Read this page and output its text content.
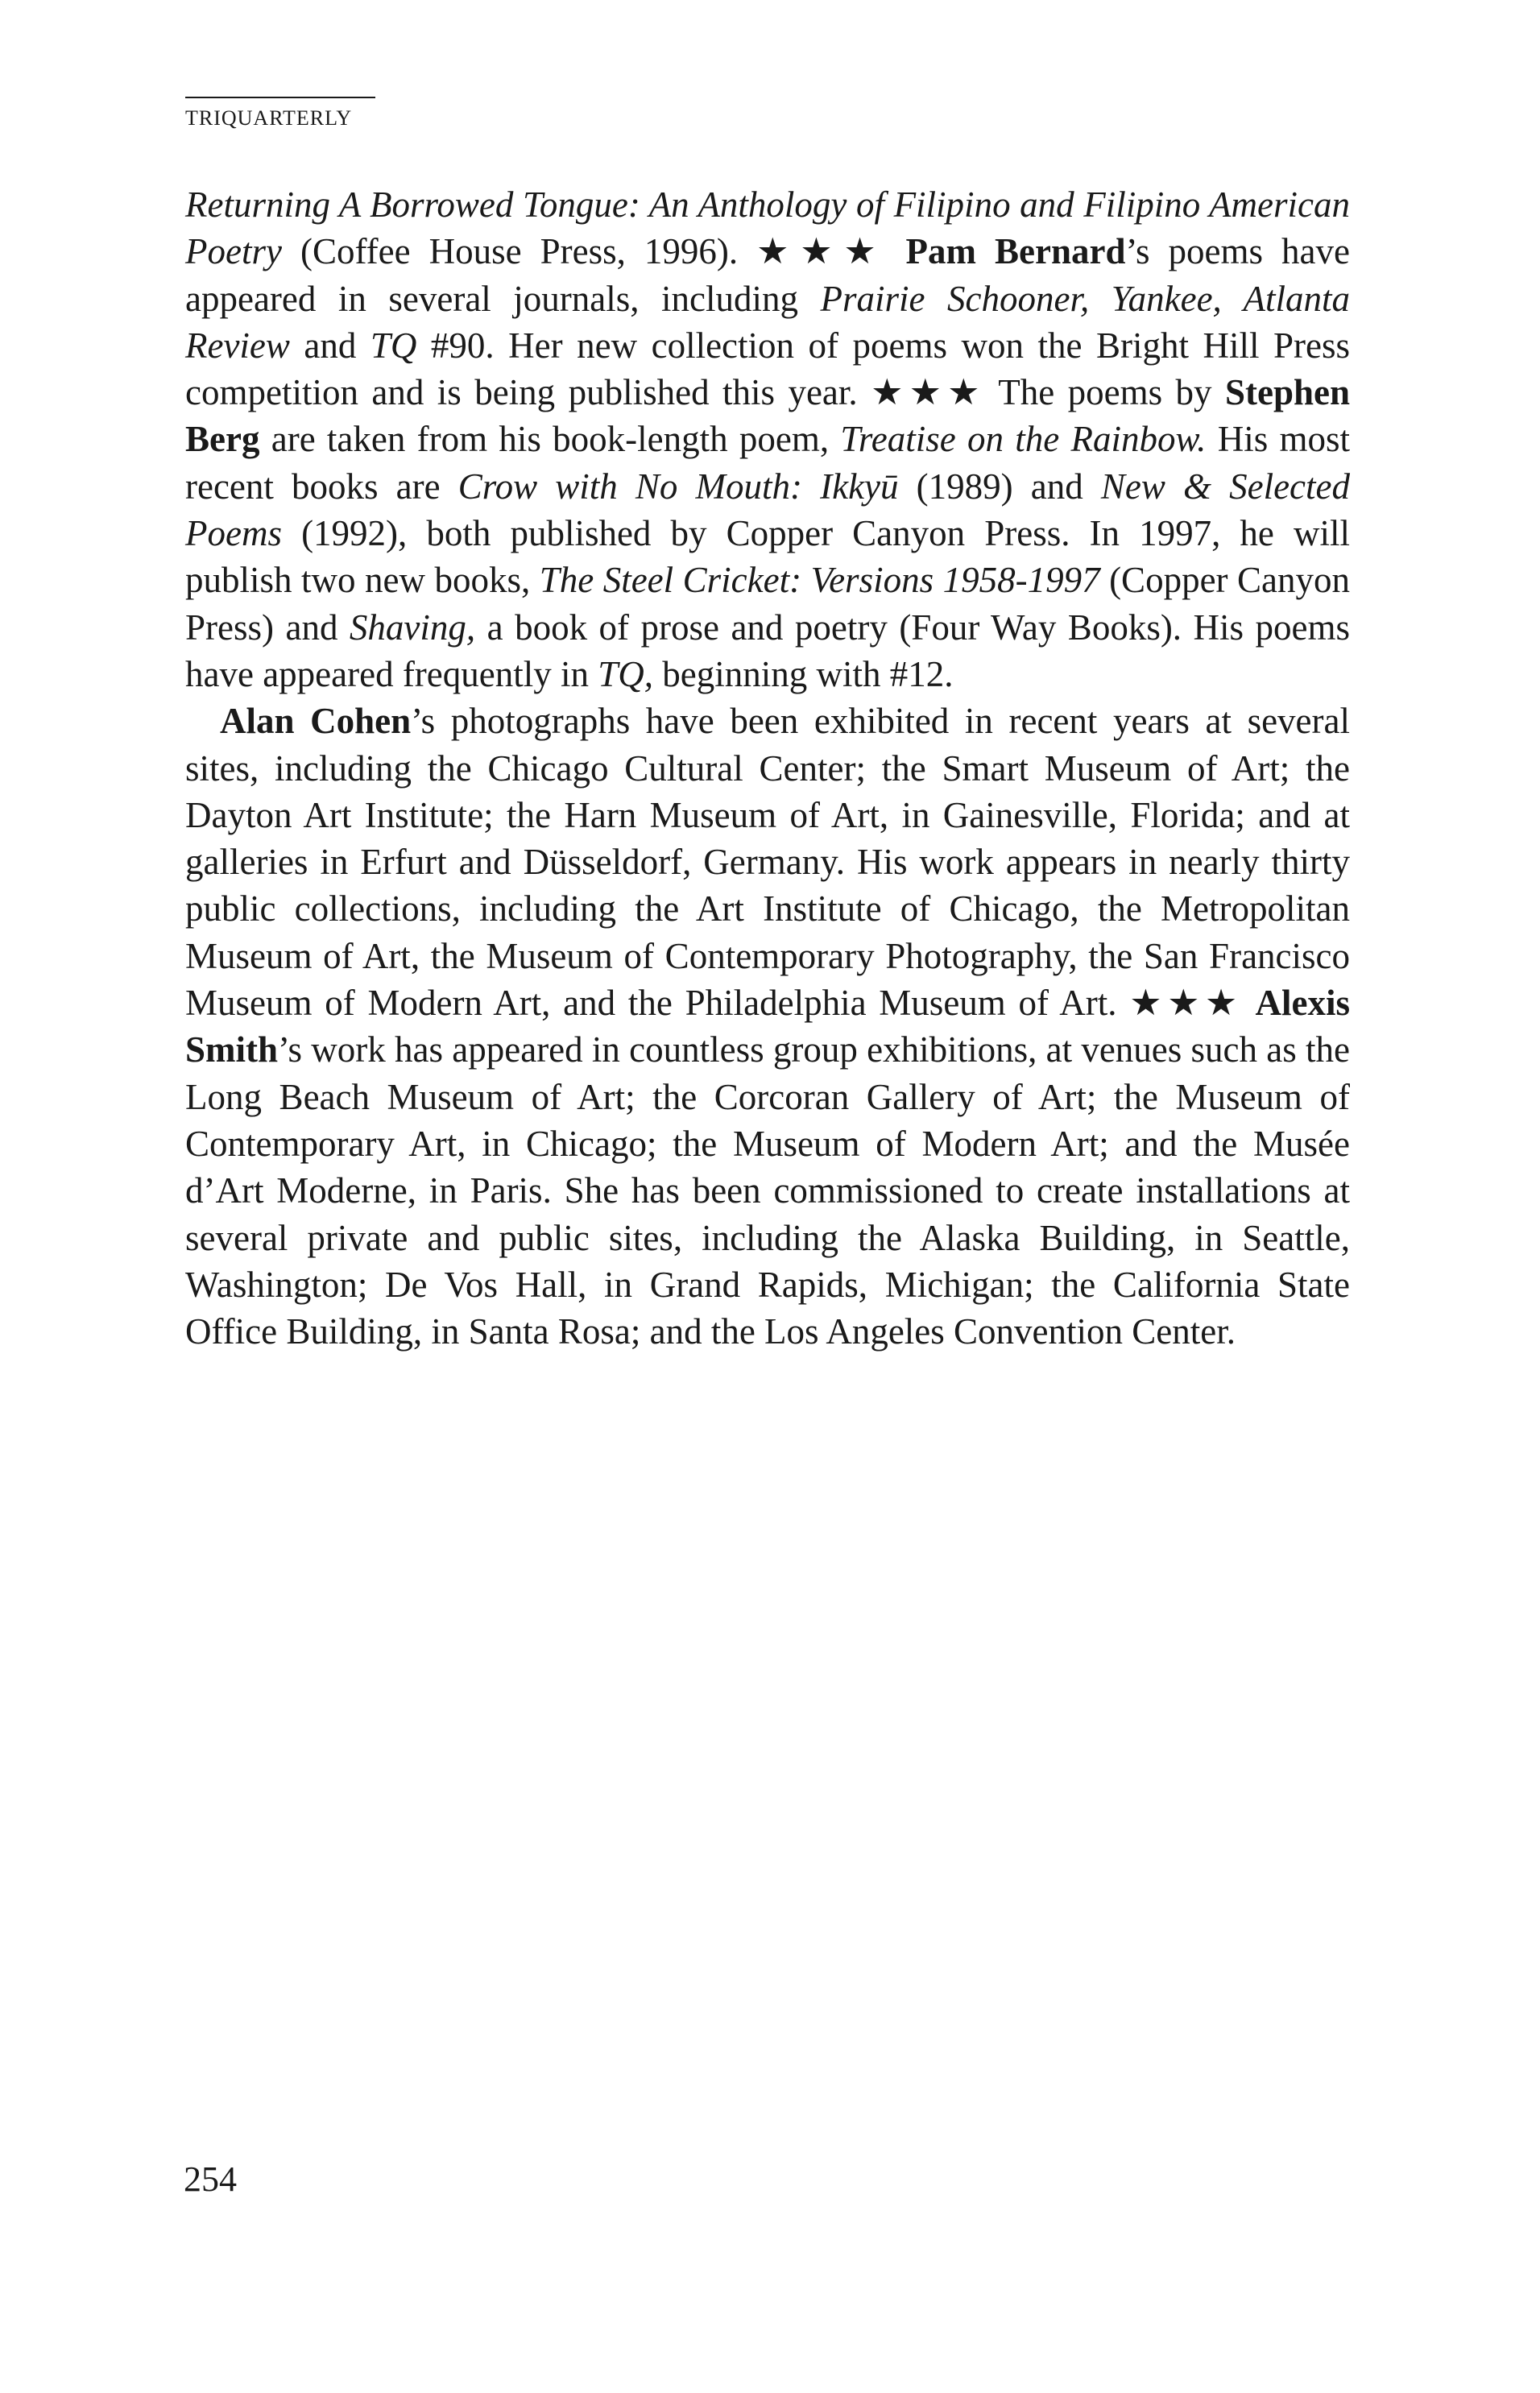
TRIQUARTERLY

Returning A Borrowed Tongue: An Anthology of Filipino and Filipino American Poetry (Coffee House Press, 1996). ★★★ Pam Bernard’s poems have appeared in several journals, including Prairie Schooner, Yankee, Atlanta Review and TQ #90. Her new collection of poems won the Bright Hill Press competition and is being published this year. ★★★ The poems by Stephen Berg are taken from his book-length poem, Treatise on the Rainbow. His most recent books are Crow with No Mouth: Ikkyū (1989) and New & Selected Poems (1992), both published by Copper Canyon Press. In 1997, he will publish two new books, The Steel Cricket: Versions 1958-1997 (Copper Canyon Press) and Shaving, a book of prose and poetry (Four Way Books). His poems have appeared frequently in TQ, beginning with #12.

Alan Cohen’s photographs have been exhibited in recent years at several sites, including the Chicago Cultural Center; the Smart Museum of Art; the Dayton Art Institute; the Harn Museum of Art, in Gainesville, Florida; and at galleries in Erfurt and Düsseldorf, Germany. His work appears in nearly thirty public collections, including the Art Institute of Chicago, the Metropolitan Museum of Art, the Museum of Contemporary Photography, the San Francisco Museum of Modern Art, and the Philadelphia Museum of Art. ★★★ Alexis Smith’s work has appeared in countless group exhibitions, at venues such as the Long Beach Museum of Art; the Corcoran Gallery of Art; the Museum of Contemporary Art, in Chicago; the Museum of Modern Art; and the Musée d’Art Moderne, in Paris. She has been commissioned to create installations at several private and public sites, including the Alaska Building, in Seattle, Washington; De Vos Hall, in Grand Rapids, Michigan; the California State Office Building, in Santa Rosa; and the Los Angeles Convention Center.

254
